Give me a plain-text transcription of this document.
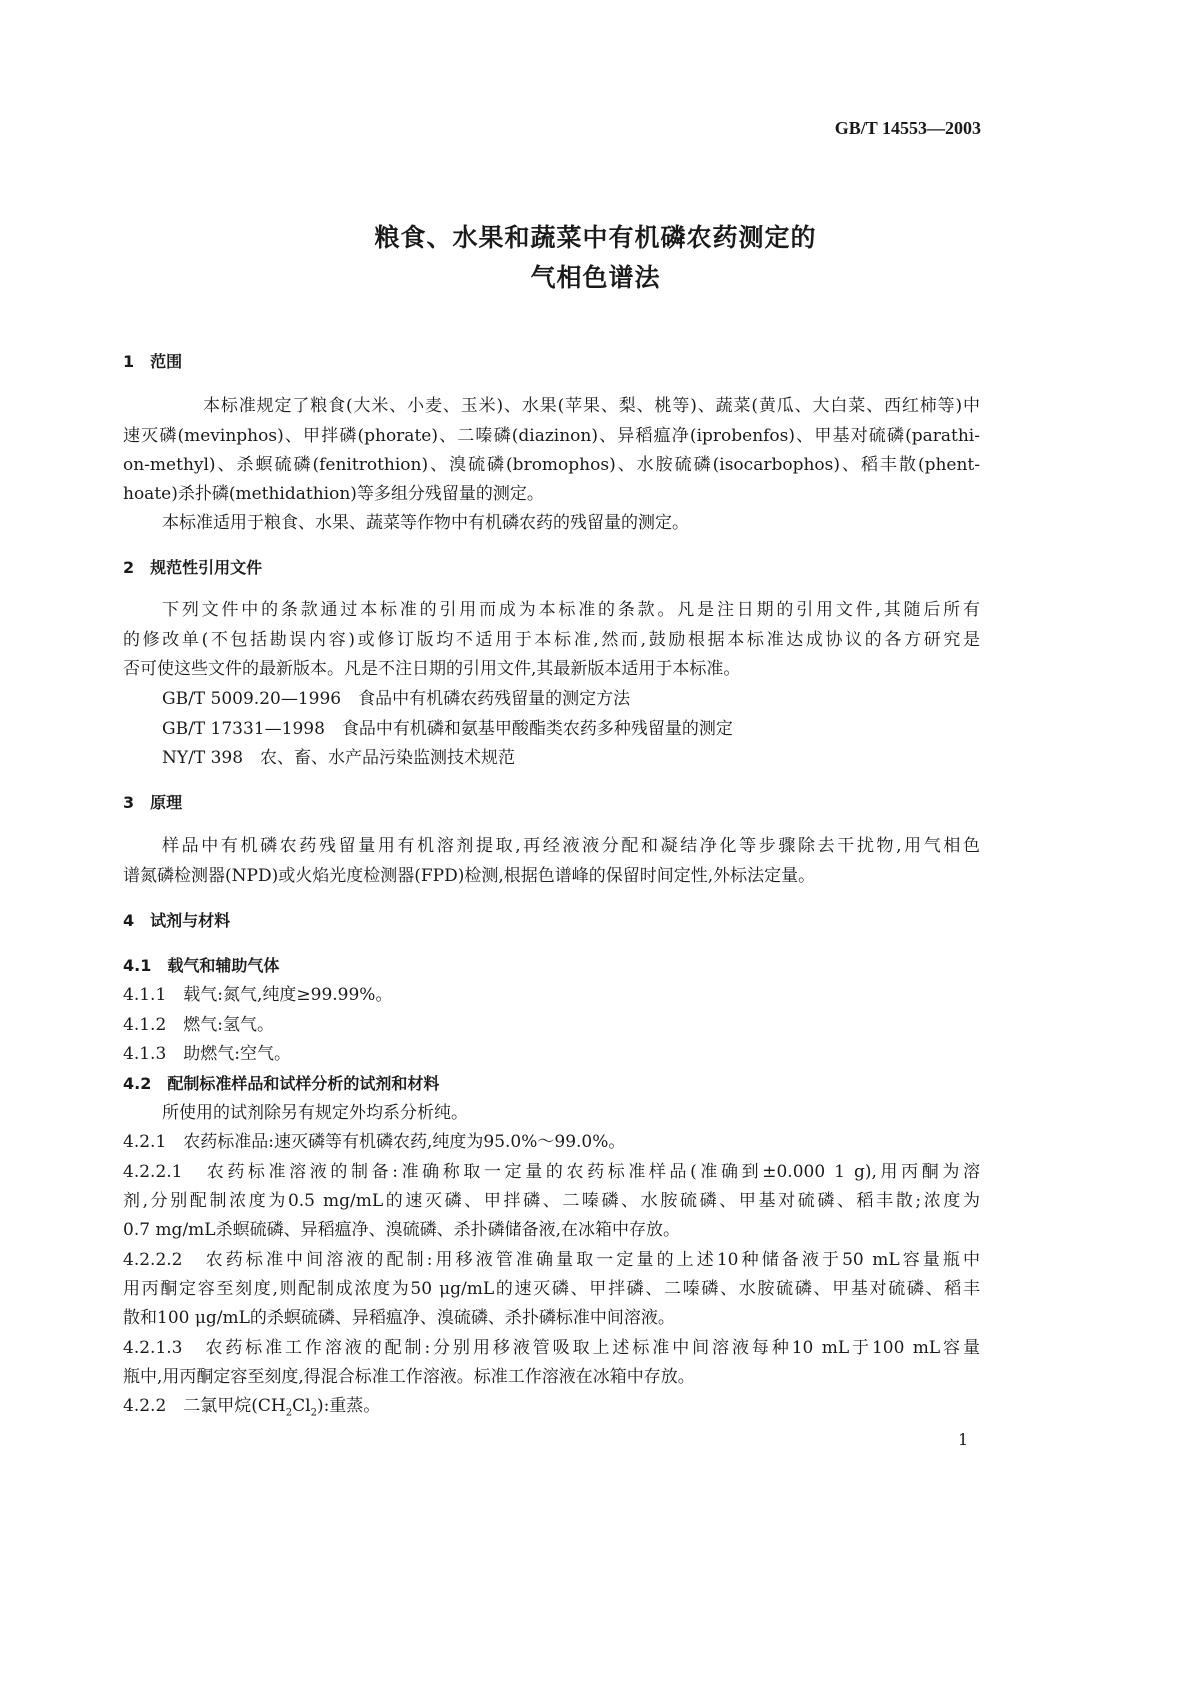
GB/T 14553—2003
粮食、水果和蔬菜中有机磷农药测定的
气相色谱法
1　范围
本标准规定了粮食(大米、小麦、玉米)、水果(苹果、梨、桃等)、蔬菜(黄瓜、大白菜、西红柿等)中
速灭磷(mevinphos)、甲拌磷(phorate)、二嗪磷(diazinon)、异稻瘟净(iprobenfos)、甲基对硫磷(parathi-
on-methyl)、杀螟硫磷(fenitrothion)、溴硫磷(bromophos)、水胺硫磷(isocarbophos)、稻丰散(phent-
hoate)杀扑磷(methidathion)等多组分残留量的测定。
本标准适用于粮食、水果、蔬菜等作物中有机磷农药的残留量的测定。
2　规范性引用文件
下列文件中的条款通过本标准的引用而成为本标准的条款。凡是注日期的引用文件,其随后所有
的修改单(不包括勘误内容)或修订版均不适用于本标准,然而,鼓励根据本标准达成协议的各方研究是
否可使这些文件的最新版本。凡是不注日期的引用文件,其最新版本适用于本标准。
GB/T 5009.20—1996　食品中有机磷农药残留量的测定方法
GB/T 17331—1998　食品中有机磷和氨基甲酸酯类农药多种残留量的测定
NY/T 398　农、畜、水产品污染监测技术规范
3　原理
样品中有机磷农药残留量用有机溶剂提取,再经液液分配和凝结净化等步骤除去干扰物,用气相色
谱氮磷检测器(NPD)或火焰光度检测器(FPD)检测,根据色谱峰的保留时间定性,外标法定量。
4　试剂与材料
4.1　载气和辅助气体
4.1.1　载气:氮气,纯度≥99.99%。
4.1.2　燃气:氢气。
4.1.3　助燃气:空气。
4.2　配制标准样品和试样分析的试剂和材料
所使用的试剂除另有规定外均系分析纯。
4.2.1　农药标准品:速灭磷等有机磷农药,纯度为95.0%～99.0%。
4.2.2.1　农药标准溶液的制备:准确称取一定量的农药标准样品(准确到±0.000 1 g),用丙酮为溶
剂,分别配制浓度为0.5 mg/mL的速灭磷、甲拌磷、二嗪磷、水胺硫磷、甲基对硫磷、稻丰散;浓度为
0.7 mg/mL杀螟硫磷、异稻瘟净、溴硫磷、杀扑磷储备液,在冰箱中存放。
4.2.2.2　农药标准中间溶液的配制:用移液管准确量取一定量的上述10种储备液于50 mL容量瓶中
用丙酮定容至刻度,则配制成浓度为50 μg/mL的速灭磷、甲拌磷、二嗪磷、水胺硫磷、甲基对硫磷、稻丰
散和100 μg/mL的杀螟硫磷、异稻瘟净、溴硫磷、杀扑磷标准中间溶液。
4.2.1.3　农药标准工作溶液的配制:分别用移液管吸取上述标准中间溶液每种10 mL于100 mL容量
瓶中,用丙酮定容至刻度,得混合标准工作溶液。标准工作溶液在冰箱中存放。
4.2.2　二氯甲烷$(CH_2Cl_2)$:重蒸。
1
